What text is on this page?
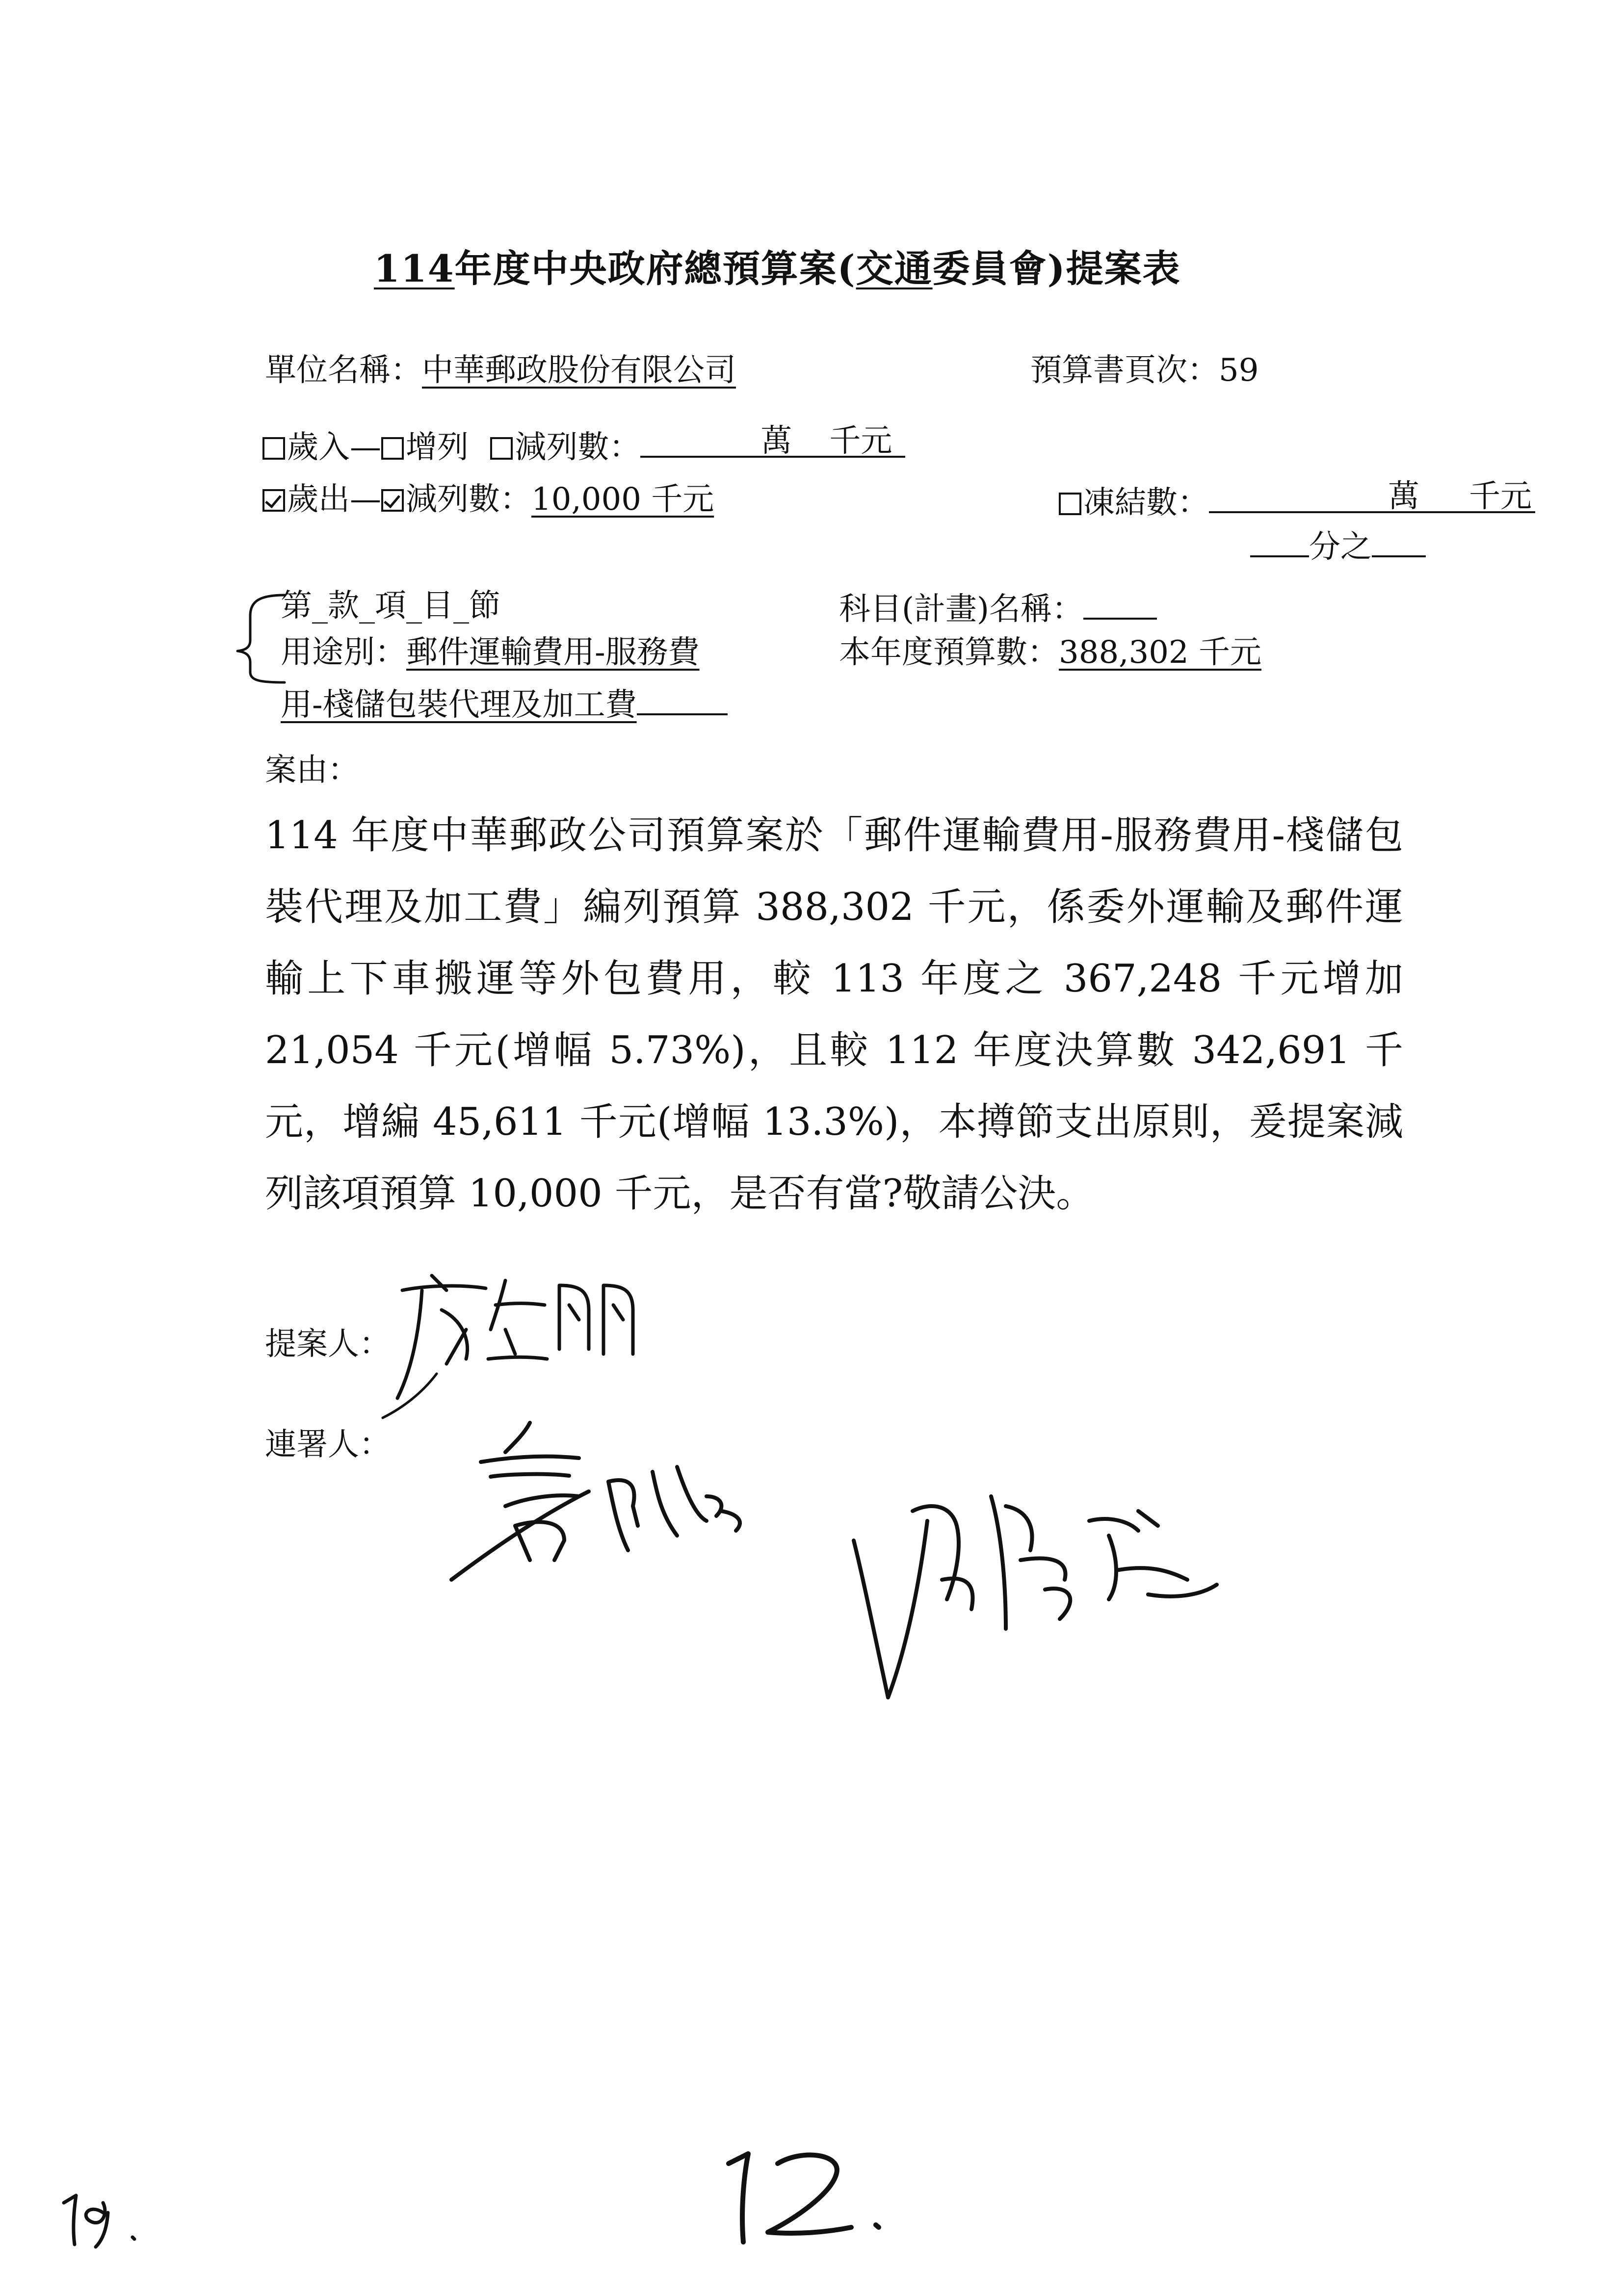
114年度中央政府總預算案(交通委員會)提案表
單位名稱：中華郵政股份有限公司	預算書頁次：59
歲入— 增列 減列數：	萬 千元
歲出— 減列數：10,000 千元	凍結數：	萬 千元
分之
第_款_項_目_節	科目(計畫)名稱：
用途別：郵件運輸費用-服務費	本年度預算數：388,302 千元
用-棧儲包裝代理及加工費
案由：
114 年度中華郵政公司預算案於「郵件運輸費用-服務費用-棧儲包裝代理及加工費」編列預算 388,302 千元，係委外運輸及郵件運輸上下車搬運等外包費用，較 113 年度之 367,248 千元增加 21,054 千元(增幅 5.73%)，且較 112 年度決算數 342,691 千元，增編 45,611 千元(增幅 13.3%)，本撙節支出原則，爰提案減列該項預算 10,000 千元，是否有當?敬請公決。
提案人：
連署人：
